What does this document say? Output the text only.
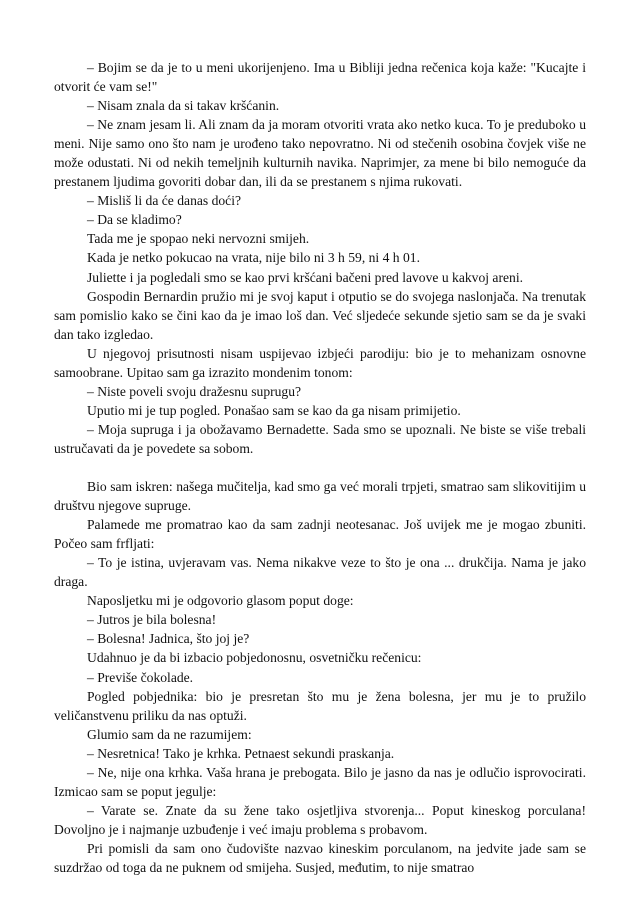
– Bojim se da je to u meni ukorijenjeno. Ima u Bibliji jedna rečenica koja kaže: "Kucajte i otvorit će vam se!"

– Nisam znala da si takav kršćanin.

– Ne znam jesam li. Ali znam da ja moram otvoriti vrata ako netko kuca. To je preduboko u meni. Nije samo ono što nam je urođeno tako nepovratno. Ni od stečenih osobina čovjek više ne može odustati. Ni od nekih temeljnih kulturnih navika. Naprimjer, za mene bi bilo nemoguće da prestanem ljudima govoriti dobar dan, ili da se prestanem s njima rukovati.

– Misliš li da će danas doći?

– Da se kladimo?

Tada me je spopao neki nervozni smijeh.

Kada je netko pokucao na vrata, nije bilo ni 3 h 59, ni 4 h 01.

Juliette i ja pogledali smo se kao prvi kršćani bačeni pred lavove u kakvoj areni.

Gospodin Bernardin pružio mi je svoj kaput i otputio se do svojega naslonjača. Na trenutak sam pomislio kako se čini kao da je imao loš dan. Već sljedeće sekunde sjetio sam se da je svaki dan tako izgledao.

U njegovoj prisutnosti nisam uspijevao izbjeći parodiju: bio je to mehanizam osnovne samoobrane. Upitao sam ga izrazito mondenim tonom:

– Niste poveli svoju dražesnu suprugu?

Uputio mi je tup pogled. Ponašao sam se kao da ga nisam primijetio.

– Moja supruga i ja obožavamo Bernadette. Sada smo se upoznali. Ne biste se više trebali ustručavati da je povedete sa sobom.

Bio sam iskren: našega mučitelja, kad smo ga već morali trpjeti, smatrao sam slikovitijim u društvu njegove supruge.

Palamede me promatrao kao da sam zadnji neotesanac. Još uvijek me je mogao zbuniti. Počeo sam frfljati:

– To je istina, uvjeravam vas. Nema nikakve veze to što je ona ... drukčija. Nama je jako draga.

Naposljetku mi je odgovorio glasom poput doge:

– Jutros je bila bolesna!

– Bolesna! Jadnica, što joj je?

Udahnuo je da bi izbacio pobjedonosnu, osvetničku rečenicu:

– Previše čokolade.

Pogled pobjednika: bio je presretan što mu je žena bolesna, jer mu je to pružilo veličanstvenu priliku da nas optuži.

Glumio sam da ne razumijem:

– Nesretnica! Tako je krhka. Petnaest sekundi praskanja.

– Ne, nije ona krhka. Vaša hrana je prebogata. Bilo je jasno da nas je odlučio isprovocirati. Izmicao sam se poput jegulje:

– Varate se. Znate da su žene tako osjetljiva stvorenja... Poput kineskog porculana! Dovoljno je i najmanje uzbuđenje i već imaju problema s probavom.

Pri pomisli da sam ono čudovište nazvao kineskim porculanom, na jedvite jade sam se suzdržao od toga da ne puknem od smijeha. Susjed, međutim, to nije smatrao
